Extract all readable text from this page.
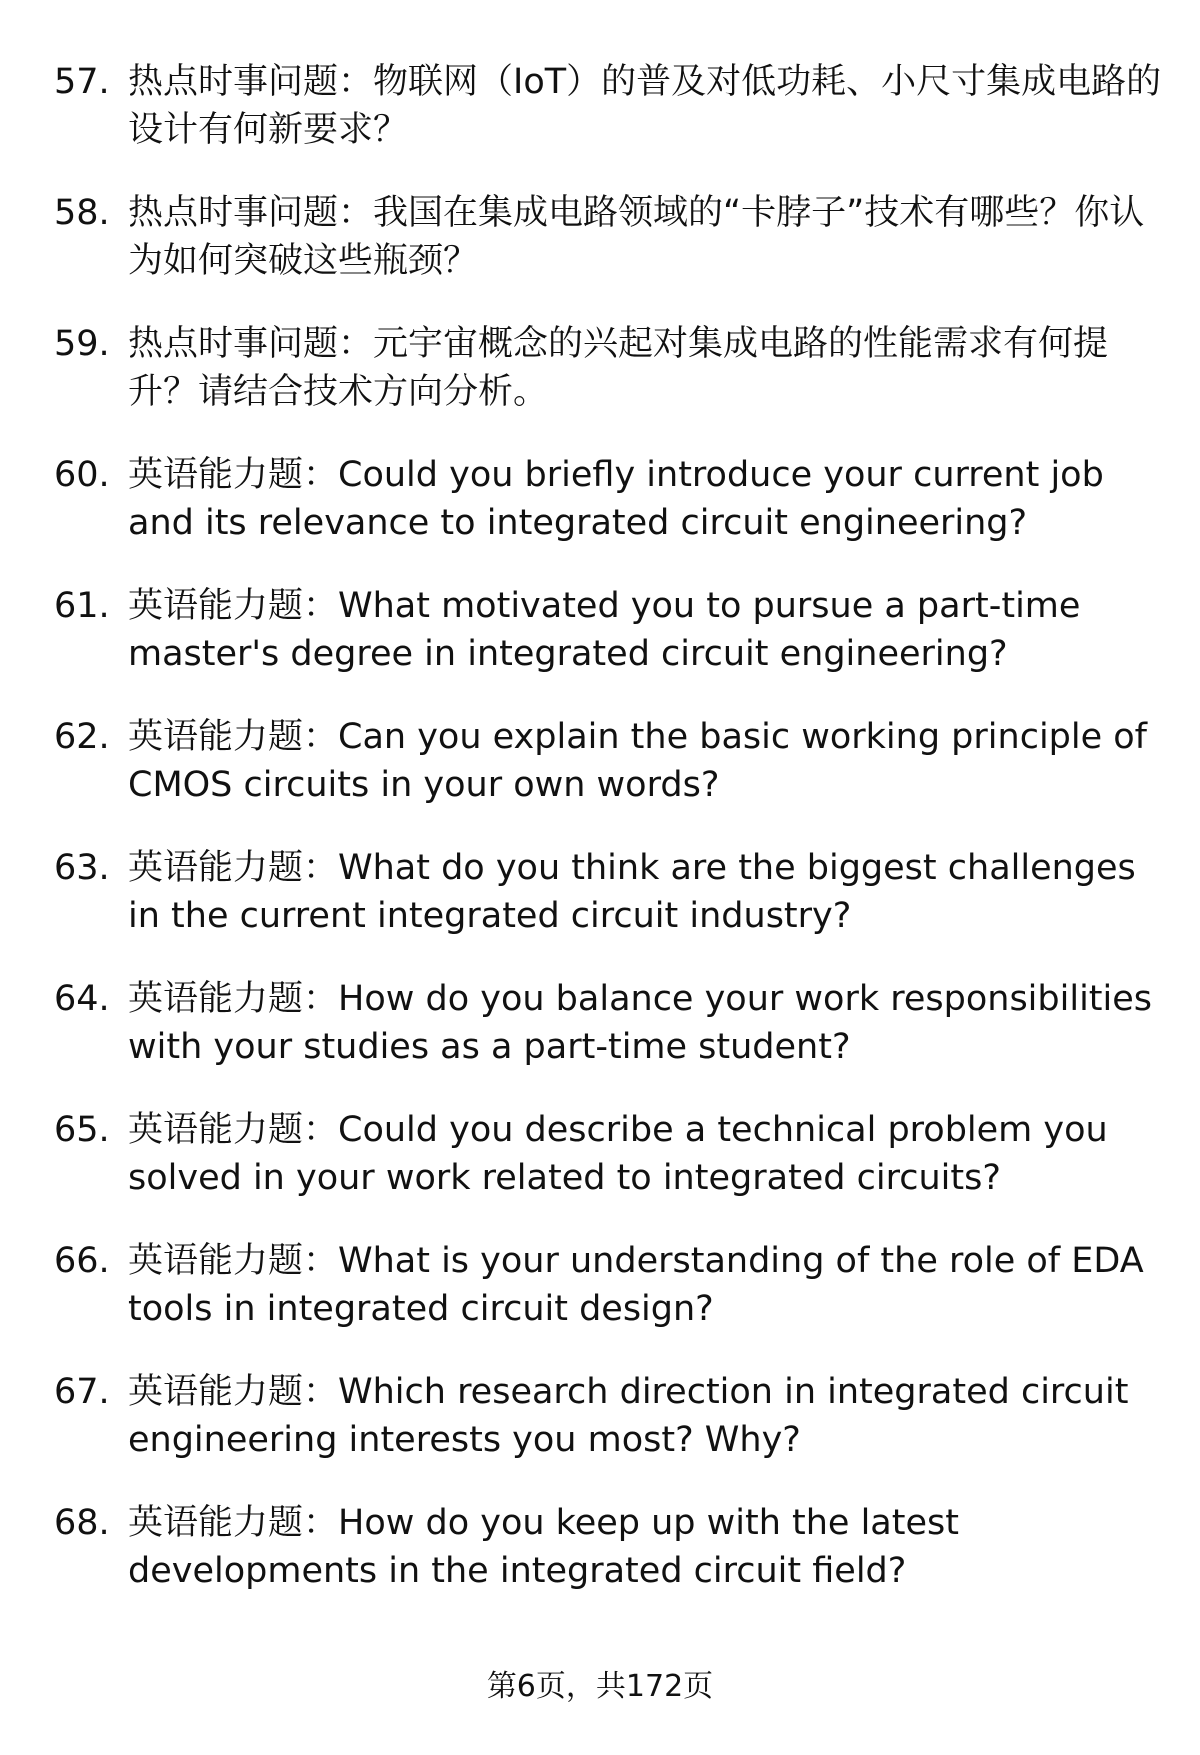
57. 热点时事问题：物联网（IoT）的普及对低功耗、小尺寸集成电路的设计有何新要求？
58. 热点时事问题：我国在集成电路领域的“卡脖子”技术有哪些？你认为如何突破这些瓶颈？
59. 热点时事问题：元宇宙概念的兴起对集成电路的性能需求有何提升？请结合技术方向分析。
60. 英语能力题：Could you briefly introduce your current job and its relevance to integrated circuit engineering?
61. 英语能力题：What motivated you to pursue a part-time master's degree in integrated circuit engineering?
62. 英语能力题：Can you explain the basic working principle of CMOS circuits in your own words?
63. 英语能力题：What do you think are the biggest challenges in the current integrated circuit industry?
64. 英语能力题：How do you balance your work responsibilities with your studies as a part-time student?
65. 英语能力题：Could you describe a technical problem you solved in your work related to integrated circuits?
66. 英语能力题：What is your understanding of the role of EDA tools in integrated circuit design?
67. 英语能力题：Which research direction in integrated circuit engineering interests you most? Why?
68. 英语能力题：How do you keep up with the latest developments in the integrated circuit field?
第6页，共172页
